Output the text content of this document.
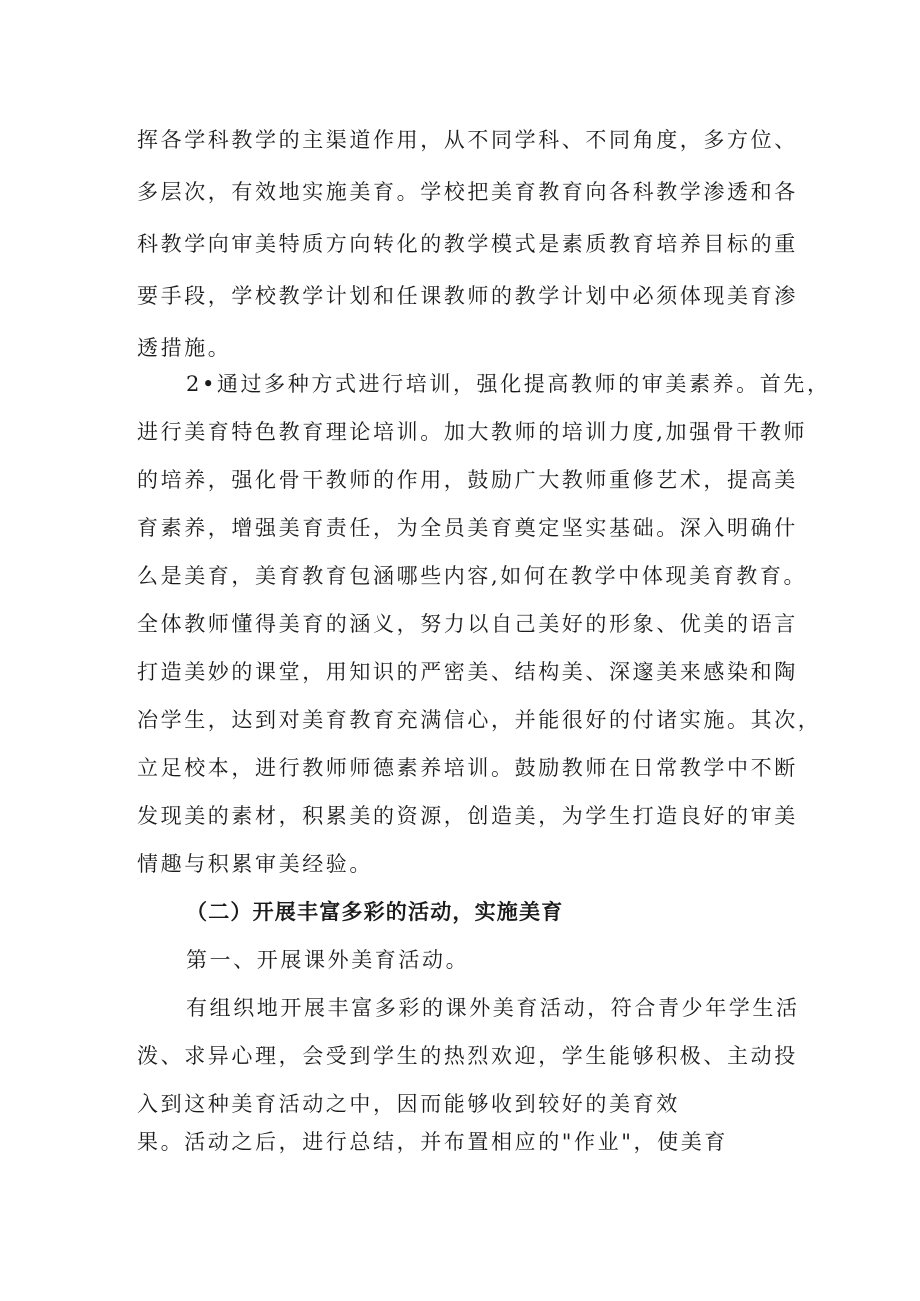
挥各学科教学的主渠道作用，从不同学科、不同角度，多方位、
多层次，有效地实施美育。学校把美育教育向各科教学渗透和各
科教学向审美特质方向转化的教学模式是素质教育培养目标的重
要手段，学校教学计划和任课教师的教学计划中必须体现美育渗
透措施。
2•通过多种方式进行培训，强化提高教师的审美素养。首先，
进行美育特色教育理论培训。加大教师的培训力度,加强骨干教师
的培养，强化骨干教师的作用，鼓励广大教师重修艺术，提高美
育素养，增强美育责任，为全员美育奠定坚实基础。深入明确什
么是美育，美育教育包涵哪些内容,如何在教学中体现美育教育。
全体教师懂得美育的涵义，努力以自己美好的形象、优美的语言
打造美妙的课堂，用知识的严密美、结构美、深邃美来感染和陶
冶学生，达到对美育教育充满信心，并能很好的付诸实施。其次，
立足校本，进行教师师德素养培训。鼓励教师在日常教学中不断
发现美的素材，积累美的资源，创造美，为学生打造良好的审美
情趣与积累审美经验。
（二）开展丰富多彩的活动，实施美育
第一、开展课外美育活动。
有组织地开展丰富多彩的课外美育活动，符合青少年学生活
泼、求异心理，会受到学生的热烈欢迎，学生能够积极、主动投
入到这种美育活动之中，因而能够收到较好的美育效
果。活动之后，进行总结，并布置相应的"作业"，使美育
